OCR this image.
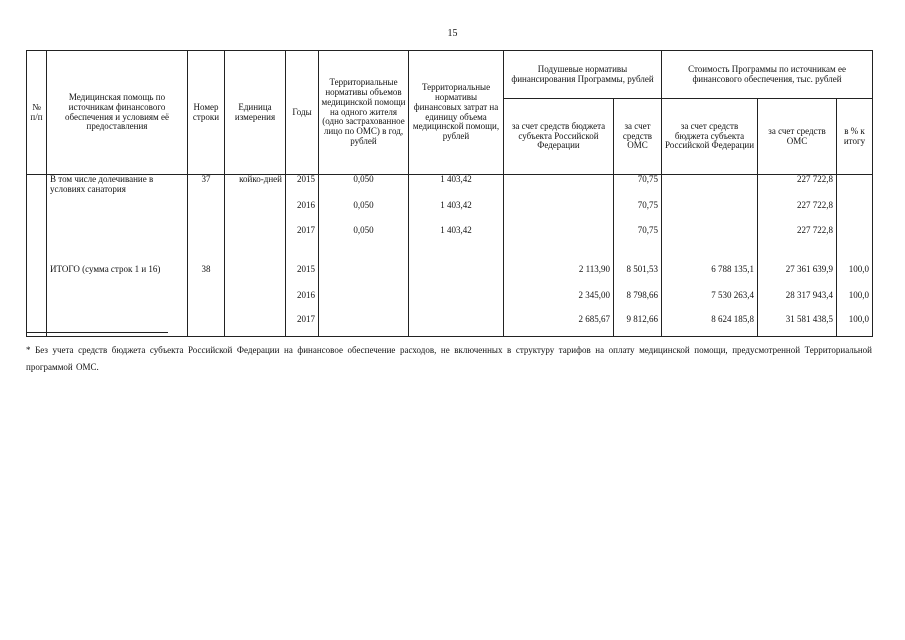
15
№ п/п	Медицинская помощь по источникам финансового обеспечения и условиям её предоставления	Номер строки	Единица измерения	Годы	Территориальные нормативы объемов медицинской помощи на одного жителя (одно застрахованное лицо по ОМС) в год, рублей	Территориальные нормативы финансовых затрат на единицу объема медицинской помощи, рублей	Подушевые нормативы финансирования Программы, рублей		Стоимость Программы по источникам ее финансового обеспечения, тыс. рублей		
							за счет средств бюджета субъекта Российской Федерации	за счет средств ОМС	за счет средств бюджета субъекта Российской Федерации	за счет средств ОМС	в % к итогу
	В том числе долечивание в условиях санатория	37	койко-дней	2015	0,050	1 403,42		70,75		227 722,8	
				2016	0,050	1 403,42		70,75		227 722,8	
				2017	0,050	1 403,42		70,75		227 722,8	

	ИТОГО (сумма строк 1 и 16)	38		2015			2 113,90	8 501,53	6 788 135,1	27 361 639,9	100,0
				2016			2 345,00	8 798,66	7 530 263,4	28 317 943,4	100,0
				2017			2 685,67	9 812,66	8 624 185,8	31 581 438,5	100,0
* Без учета средств бюджета субъекта Российской Федерации на финансовое обеспечение расходов, не включенных в структуру тарифов на оплату медицинской помощи, предусмотренной Территориальной программой ОМС.
